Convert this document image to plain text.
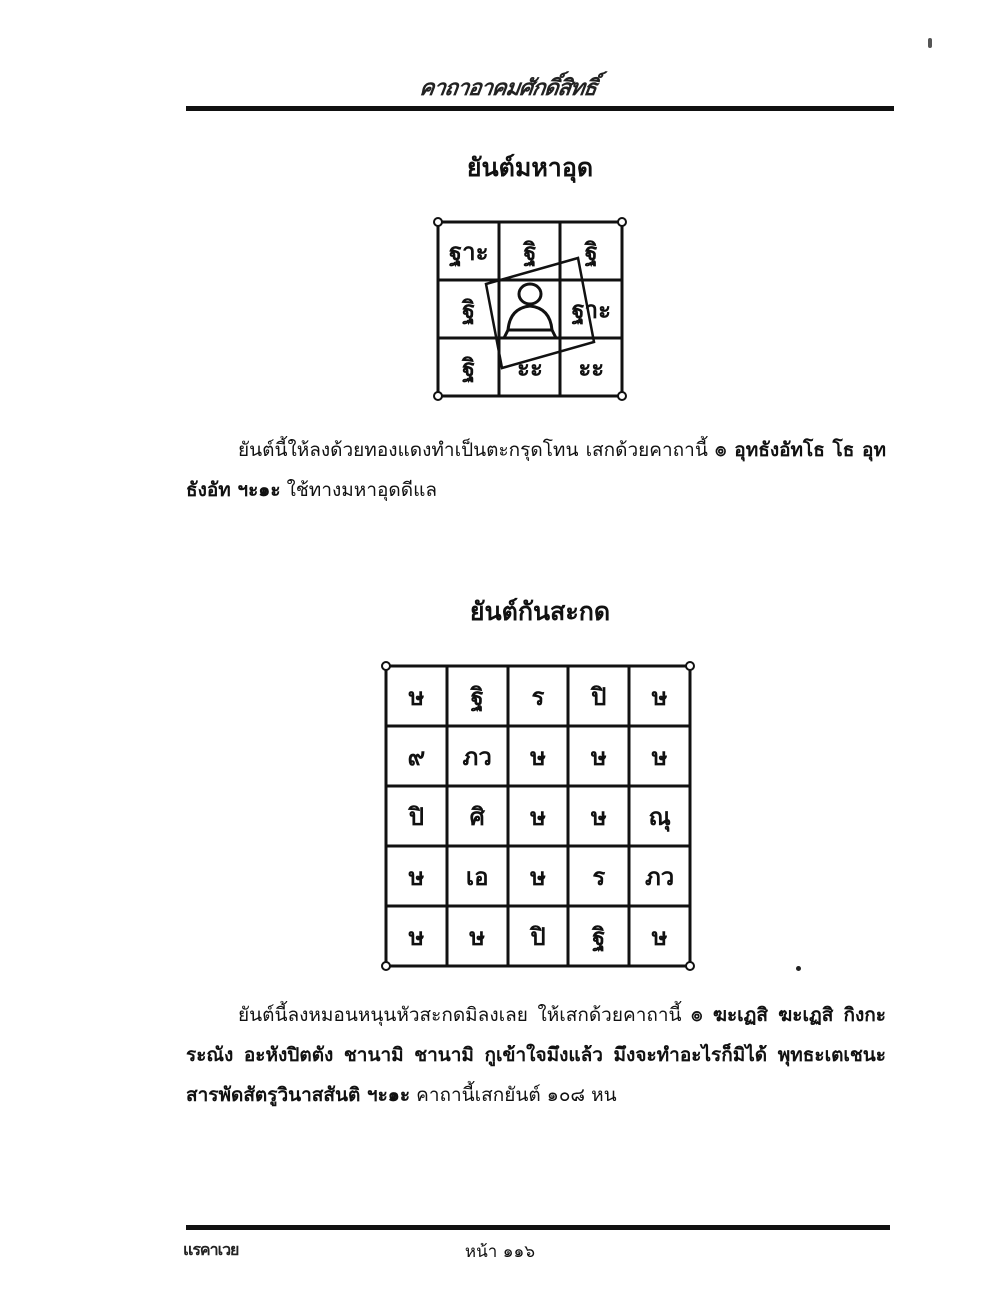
คาถาอาคมศักดิ์สิทธิ์
ยันต์มหาอุด
ฐาะ ฐิ ฐิ
ฐิ	ฐาะ
ฐิ ะะ ะะ
ยันต์นี้ให้ลงด้วยทองแดงทำเป็นตะกรุดโทน เสกด้วยคาถานี้ ๏ อุทธังอัทโธ โธ อุท ธังอัท ฯะ๑ะ ใช้ทางมหาอุดดีแล
ยันต์กันสะกด
ษ ฐิ ร ปิ ษ
๙ ภว ษ ษ ษ
ปิ ศิ ษ ษ ณุ
ษ เอ ษ ร ภว
ษ ษ ปิ ฐิ ษ
ยันต์นี้ลงหมอนหนุนหัวสะกดมิลงเลย ให้เสกด้วยคาถานี้ ๏ ฆะเฏสิ ฆะเฏสิ กิงกะระณัง อะหังปิตตัง ชานามิ ชานามิ กูเข้าใจมึงแล้ว มึงจะทำอะไรก็มิได้ พุทธะเตเชนะ สารพัดสัตรูวินาสสันติ ฯะ๑ะ คาถานี้เสกยันต์ ๑๐๘ หน
แรคาเวย	หน้า ๑๑๖
